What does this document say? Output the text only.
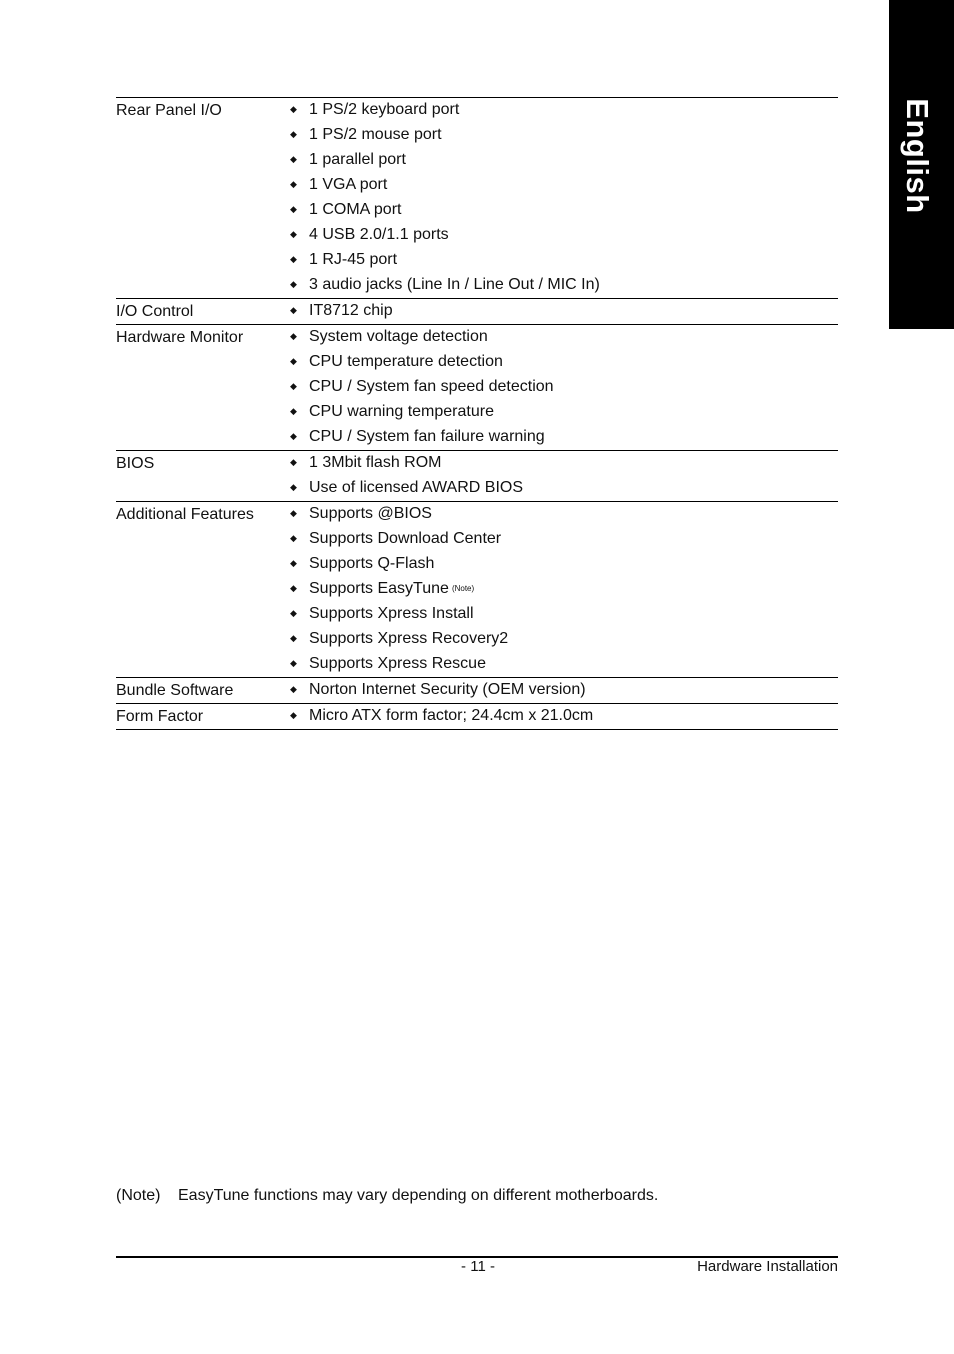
English
Rear Panel I/O	◆ 1 PS/2 keyboard port
◆ 1 PS/2 mouse port
◆ 1 parallel port
◆ 1 VGA port
◆ 1 COMA port
◆ 4 USB 2.0/1.1 ports
◆ 1 RJ-45 port
◆ 3 audio jacks (Line In / Line Out / MIC In)
I/O Control	◆ IT8712 chip
Hardware Monitor	◆ System voltage detection
◆ CPU temperature detection
◆ CPU / System fan speed detection
◆ CPU warning temperature
◆ CPU / System fan failure warning
BIOS	◆ 1 3Mbit flash ROM
◆ Use of licensed AWARD BIOS
Additional Features	◆ Supports @BIOS
◆ Supports Download Center
◆ Supports Q-Flash
◆ Supports EasyTune (Note)
◆ Supports Xpress Install
◆ Supports Xpress Recovery2
◆ Supports Xpress Rescue
Bundle Software	◆ Norton Internet Security (OEM version)
Form Factor	◆ Micro ATX form factor; 24.4cm x 21.0cm
(Note) EasyTune functions may vary depending on different motherboards.
- 11 -	Hardware Installation
